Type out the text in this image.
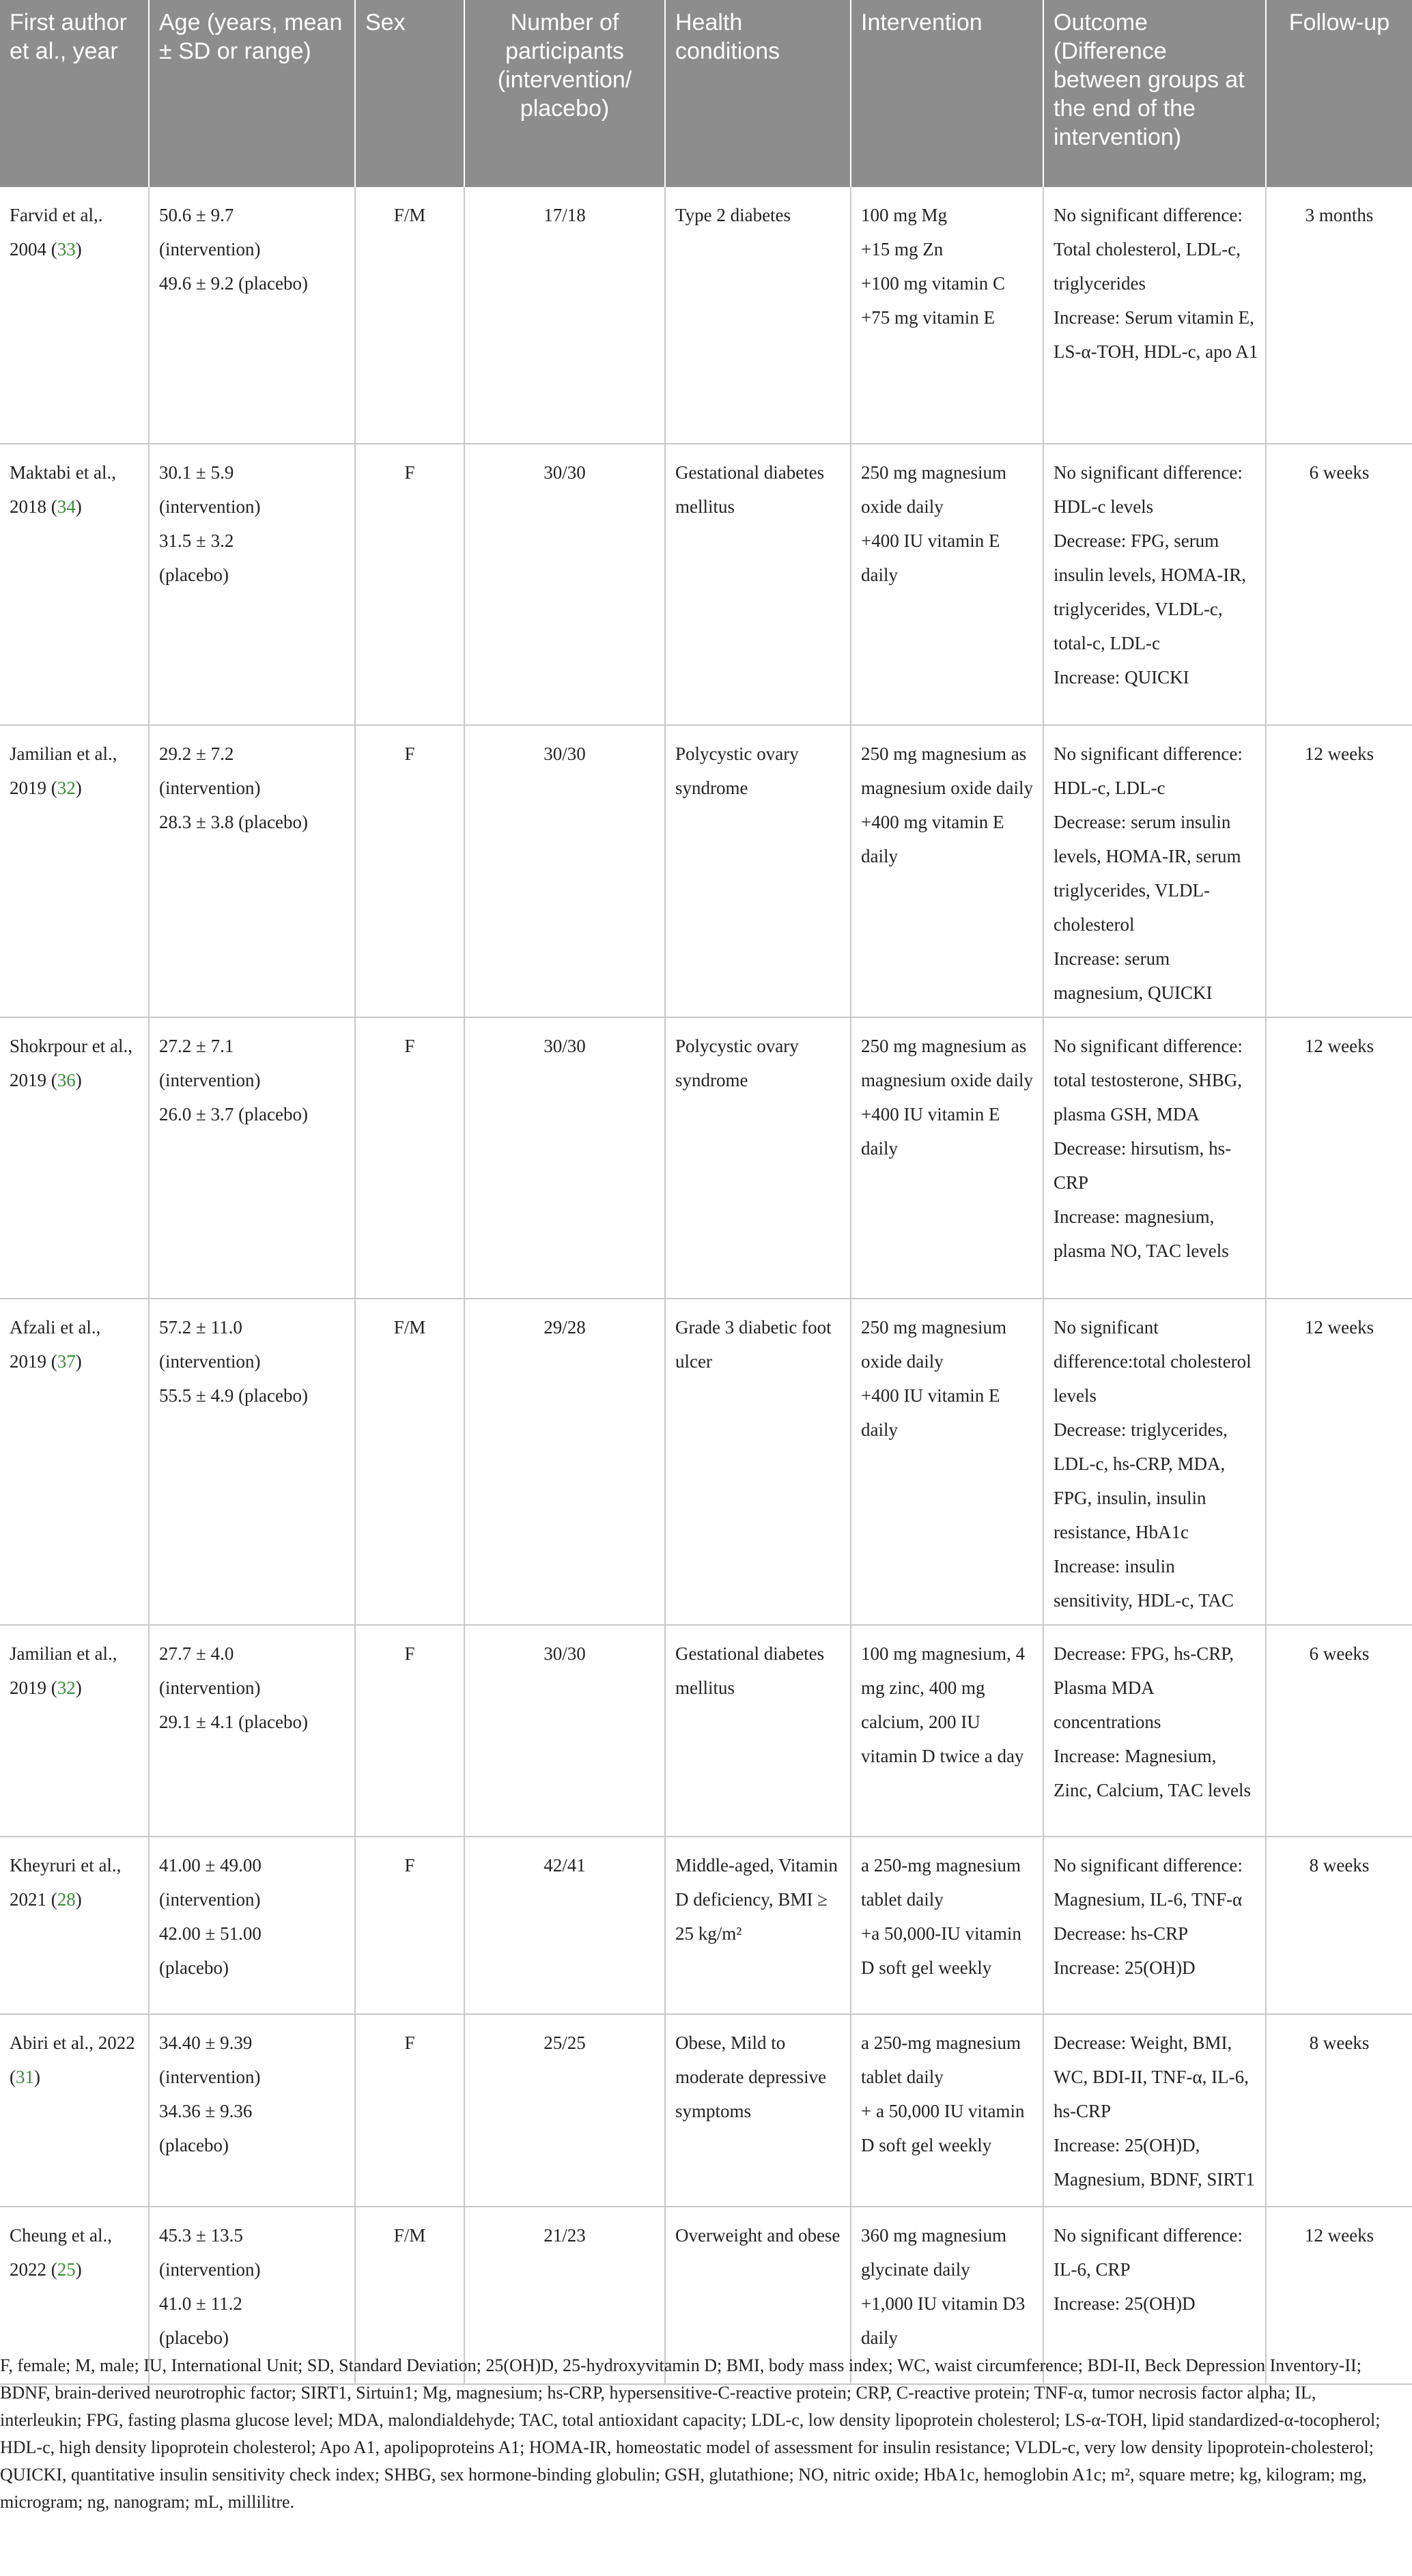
First author et al., year	Age (years, mean ± SD or range)	Sex	Number of participants (intervention/ placebo)	Health conditions	Intervention	Outcome (Difference between groups at the end of the intervention)	Follow-up
Farvid et al,. 2004 (33)	50.6 ± 9.7
(intervention)
49.6 ± 9.2 (placebo)	F/M	17/18	Type 2 diabetes	100 mg Mg
+15 mg Zn
+100 mg vitamin C
+75 mg vitamin E	No significant difference: Total cholesterol, LDL-c, triglycerides
Increase: Serum vitamin E, LS-α-TOH, HDL-c, apo A1	3 months
Maktabi et al., 2018 (34)	30.1 ± 5.9
(intervention)
31.5 ± 3.2
(placebo)	F	30/30	Gestational diabetes mellitus	250 mg magnesium oxide daily
+400 IU vitamin E daily	No significant difference: HDL-c levels
Decrease: FPG, serum insulin levels, HOMA-IR, triglycerides, VLDL-c, total-c, LDL-c
Increase: QUICKI	6 weeks
Jamilian et al., 2019 (32)	29.2 ± 7.2
(intervention)
28.3 ± 3.8 (placebo)	F	30/30	Polycystic ovary syndrome	250 mg magnesium as magnesium oxide daily
+400 mg vitamin E daily	No significant difference: HDL-c, LDL-c
Decrease: serum insulin levels, HOMA-IR, serum triglycerides, VLDL-cholesterol
Increase: serum magnesium, QUICKI	12 weeks
Shokrpour et al., 2019 (36)	27.2 ± 7.1
(intervention)
26.0 ± 3.7 (placebo)	F	30/30	Polycystic ovary syndrome	250 mg magnesium as magnesium oxide daily
+400 IU vitamin E daily	No significant difference: total testosterone, SHBG, plasma GSH, MDA
Decrease: hirsutism, hs-CRP
Increase: magnesium, plasma NO, TAC levels	12 weeks
Afzali et al., 2019 (37)	57.2 ± 11.0
(intervention)
55.5 ± 4.9 (placebo)	F/M	29/28	Grade 3 diabetic foot ulcer	250 mg magnesium oxide daily
+400 IU vitamin E daily	No significant difference:total cholesterol levels
Decrease: triglycerides, LDL-c, hs-CRP, MDA, FPG, insulin, insulin resistance, HbA1c
Increase: insulin sensitivity, HDL-c, TAC	12 weeks
Jamilian et al., 2019 (32)	27.7 ± 4.0
(intervention)
29.1 ± 4.1 (placebo)	F	30/30	Gestational diabetes mellitus	100 mg magnesium, 4 mg zinc, 400 mg calcium, 200 IU vitamin D twice a day	Decrease: FPG, hs-CRP, Plasma MDA concentrations
Increase: Magnesium, Zinc, Calcium, TAC levels	6 weeks
Kheyruri et al., 2021 (28)	41.00 ± 49.00
(intervention)
42.00 ± 51.00
(placebo)	F	42/41	Middle-aged, Vitamin D deficiency, BMI ≥ 25 kg/m²	a 250-mg magnesium tablet daily
+a 50,000-IU vitamin D soft gel weekly	No significant difference: Magnesium, IL-6, TNF-α
Decrease: hs-CRP
Increase: 25(OH)D	8 weeks
Abiri et al., 2022 (31)	34.40 ± 9.39
(intervention)
34.36 ± 9.36
(placebo)	F	25/25	Obese, Mild to moderate depressive symptoms	a 250-mg magnesium tablet daily
+ a 50,000 IU vitamin D soft gel weekly	Decrease: Weight, BMI, WC, BDI-II, TNF-α, IL-6, hs-CRP
Increase: 25(OH)D, Magnesium, BDNF, SIRT1	8 weeks
Cheung et al., 2022 (25)	45.3 ± 13.5
(intervention)
41.0 ± 11.2
(placebo)	F/M	21/23	Overweight and obese	360 mg magnesium glycinate daily
+1,000 IU vitamin D3 daily	No significant difference: IL-6, CRP
Increase: 25(OH)D	12 weeks
F, female; M, male; IU, International Unit; SD, Standard Deviation; 25(OH)D, 25-hydroxyvitamin D; BMI, body mass index; WC, waist circumference; BDI-II, Beck Depression Inventory-II; BDNF, brain-derived neurotrophic factor; SIRT1, Sirtuin1; Mg, magnesium; hs-CRP, hypersensitive-C-reactive protein; CRP, C-reactive protein; TNF-α, tumor necrosis factor alpha; IL, interleukin; FPG, fasting plasma glucose level; MDA, malondialdehyde; TAC, total antioxidant capacity; LDL-c, low density lipoprotein cholesterol; LS-α-TOH, lipid standardized-α-tocopherol; HDL-c, high density lipoprotein cholesterol; Apo A1, apolipoproteins A1; HOMA-IR, homeostatic model of assessment for insulin resistance; VLDL-c, very low density lipoprotein-cholesterol; QUICKI, quantitative insulin sensitivity check index; SHBG, sex hormone-binding globulin; GSH, glutathione; NO, nitric oxide; HbA1c, hemoglobin A1c; m², square metre; kg, kilogram; mg, microgram; ng, nanogram; mL, millilitre.
